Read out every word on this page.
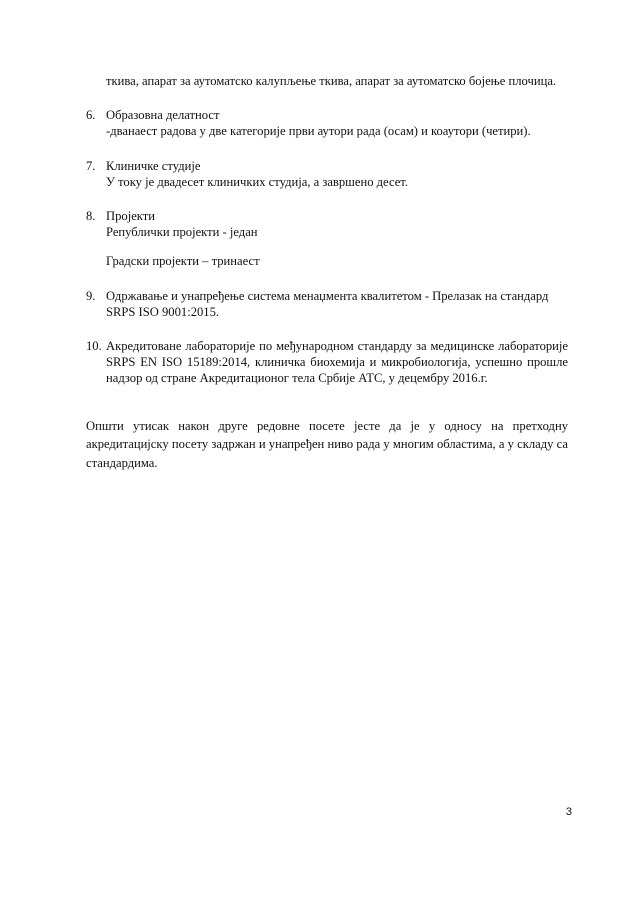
ткива, апарат за аутоматско калупљење ткива, апарат за аутоматско бојење плочица.

6. Образовна делатност

-дванаест радова у две категорије први аутори рада (осам) и коаутори (четири).

7. Клиничке студије

У току је двадесет клиничких студија, а завршено десет.

8. Пројекти

Републички пројекти - један

Градски пројекти – тринаест

9. Одржавање и унапређење система менаџмента квалитетом - Прелазак на стандард SRPS ISO 9001:2015.

10. Акредитоване лабораторије по међународном стандарду за медицинске лабораторије SRPS EN ISO 15189:2014, клиничка биохемија и микробиологија, успешно прошле надзор од стране Акредитационог тела Србије АТС, у децембру 2016.г.

Општи утисак након друге редовне посете јесте да је у односу на претходну акредитацијску посету задржан и унапређен ниво рада у многим областима, а у складу са стандардима.

3
